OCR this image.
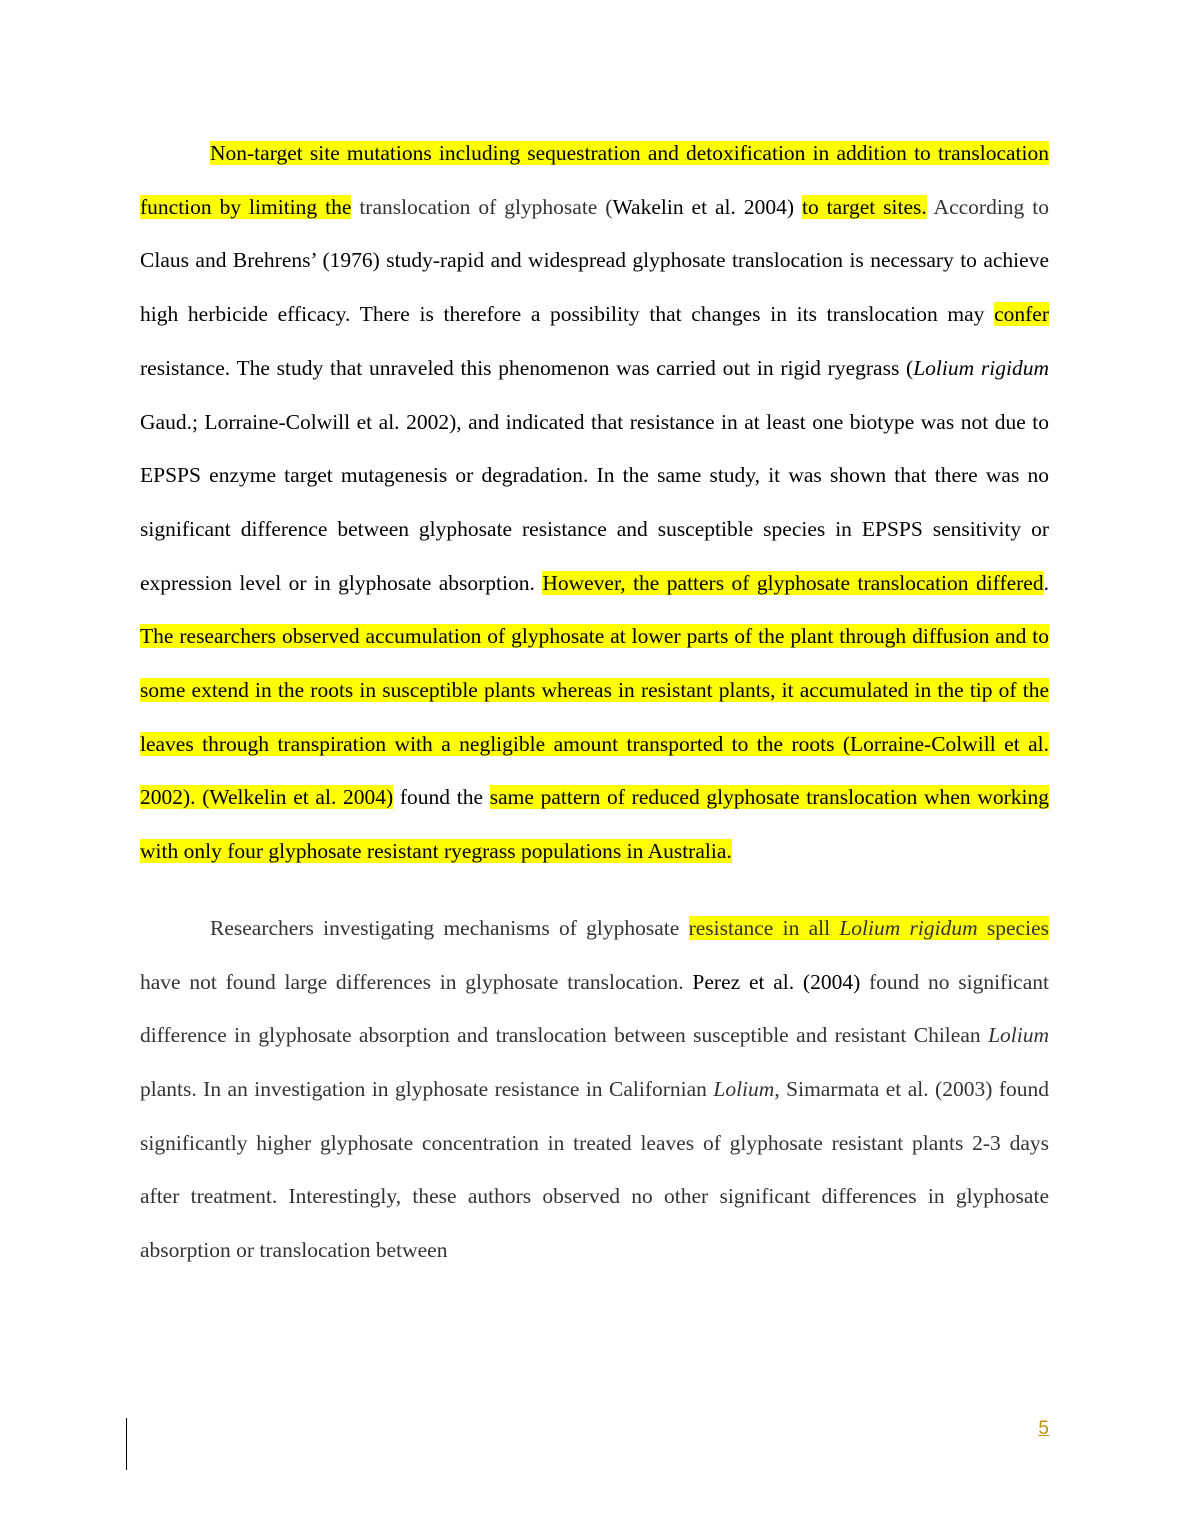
Non-target site mutations including sequestration and detoxification in addition to translocation function by limiting the translocation of glyphosate (Wakelin et al. 2004) to target sites. According to Claus and Brehrens’ (1976) study-rapid and widespread glyphosate translocation is necessary to achieve high herbicide efficacy. There is therefore a possibility that changes in its translocation may confer resistance. The study that unraveled this phenomenon was carried out in rigid ryegrass (Lolium rigidum Gaud.; Lorraine-Colwill et al. 2002), and indicated that resistance in at least one biotype was not due to EPSPS enzyme target mutagenesis or degradation. In the same study, it was shown that there was no significant difference between glyphosate resistance and susceptible species in EPSPS sensitivity or expression level or in glyphosate absorption. However, the patters of glyphosate translocation differed. The researchers observed accumulation of glyphosate at lower parts of the plant through diffusion and to some extend in the roots in susceptible plants whereas in resistant plants, it accumulated in the tip of the leaves through transpiration with a negligible amount transported to the roots (Lorraine-Colwill et al. 2002). (Welkelin et al. 2004) found the same pattern of reduced glyphosate translocation when working with only four glyphosate resistant ryegrass populations in Australia.

Researchers investigating mechanisms of glyphosate resistance in all Lolium rigidum species have not found large differences in glyphosate translocation. Perez et al. (2004) found no significant difference in glyphosate absorption and translocation between susceptible and resistant Chilean Lolium plants. In an investigation in glyphosate resistance in Californian Lolium, Simarmata et al. (2003) found significantly higher glyphosate concentration in treated leaves of glyphosate resistant plants 2-3 days after treatment. Interestingly, these authors observed no other significant differences in glyphosate absorption or translocation between

5
